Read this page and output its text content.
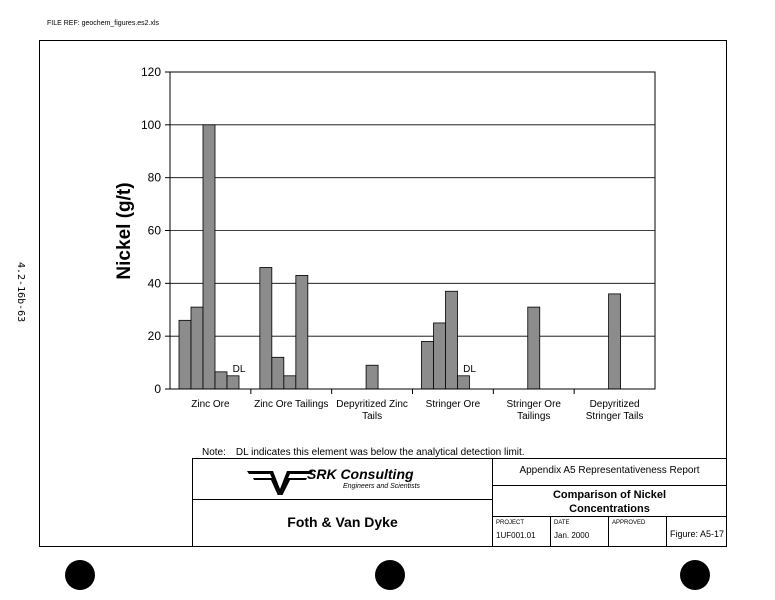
FILE REF: geochem_figures.es2.xls
4.2-16b-63
DL	DL
0
20
40
60
80
100
120
Zinc Ore Zinc Ore Tailings Depyritized Zinc
Tails
Stringer Ore	Stringer Ore
Tailings
Depyritized
Stringer Tails
Nickel (g/t)
Note: DL indicates this element was below the analytical detection limit.
SRK Consulting
Engineers and Scientists
Foth & Van Dyke
Appendix A5 Representativeness Report
Comparison of Nickel
Concentrations
PROJECT
1UF001.01
DATE
Jan. 2000
APPROVED
Figure: A5-17
